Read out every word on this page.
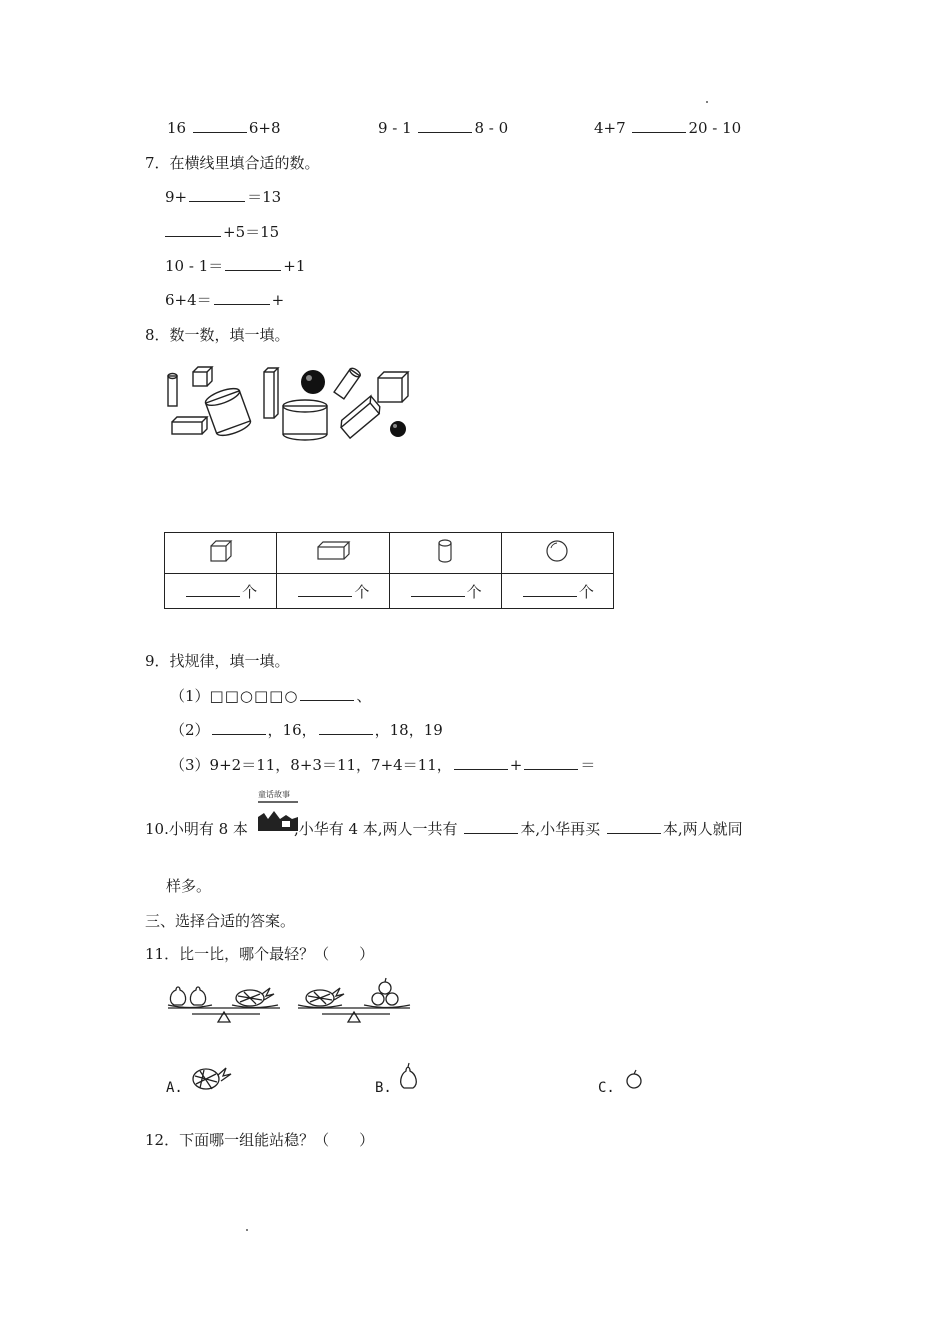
16	6+8	9 - 1	8 - 0	4+7	20 - 10
7．在横线里填合适的数。
9+	＝13
+5＝15
10 - 1＝	+1
6+4＝	+
8．数一数，填一填。

个	个	个	个
9．找规律，填一填。
（1）□□○□□○	、
（2）	，16，	，18，19
（3）9+2＝11，8+3＝11，7+4＝11，	+	＝
童话故事
10.小明有 8 本	,小华有 4 本,两人一共有	本,小华再买	本,两人就同
样多。
三、选择合适的答案。
11．比一比，哪个最轻？（　　）
A.	B.	C.
12．下面哪一组能站稳？（　　）
